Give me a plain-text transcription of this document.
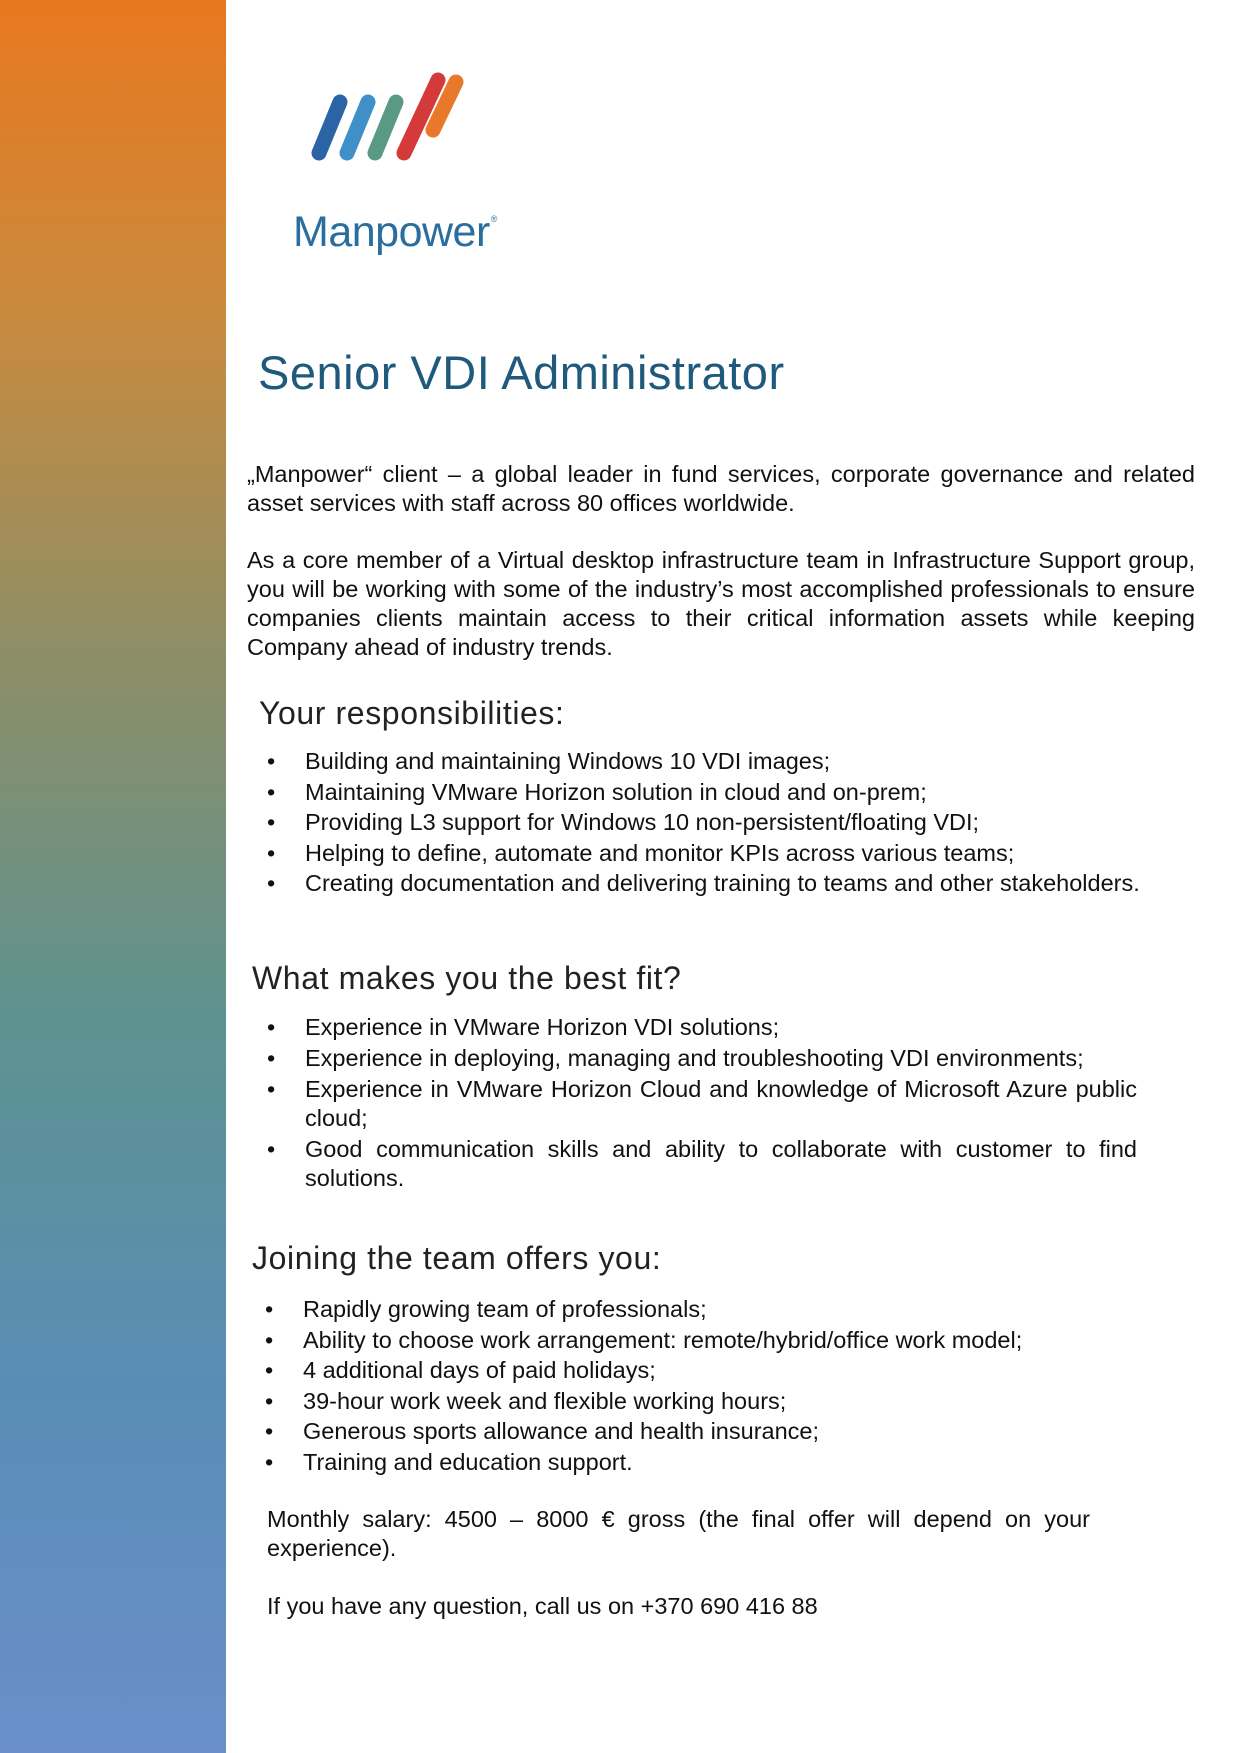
Manpower®
Senior VDI Administrator

„Manpower“ client – a global leader in fund services, corporate governance and related asset services with staff across 80 offices worldwide.

As a core member of a Virtual desktop infrastructure team in Infrastructure Support group, you will be working with some of the industry’s most accomplished professionals to ensure companies clients maintain access to their critical information assets while keeping Company ahead of industry trends.

Your responsibilities:
• Building and maintaining Windows 10 VDI images;
• Maintaining VMware Horizon solution in cloud and on-prem;
• Providing L3 support for Windows 10 non-persistent/floating VDI;
• Helping to define, automate and monitor KPIs across various teams;
• Creating documentation and delivering training to teams and other stakeholders.
What makes you the best fit?
• Experience in VMware Horizon VDI solutions;
• Experience in deploying, managing and troubleshooting VDI environments;
• Experience in VMware Horizon Cloud and knowledge of Microsoft Azure public cloud;
• Good communication skills and ability to collaborate with customer to find solutions.
Joining the team offers you:
• Rapidly growing team of professionals;
• Ability to choose work arrangement: remote/hybrid/office work model;
• 4 additional days of paid holidays;
• 39-hour work week and flexible working hours;
• Generous sports allowance and health insurance;
• Training and education support.

Monthly salary: 4500 – 8000 € gross (the final offer will depend on your experience).

If you have any question, call us on +370 690 416 88
